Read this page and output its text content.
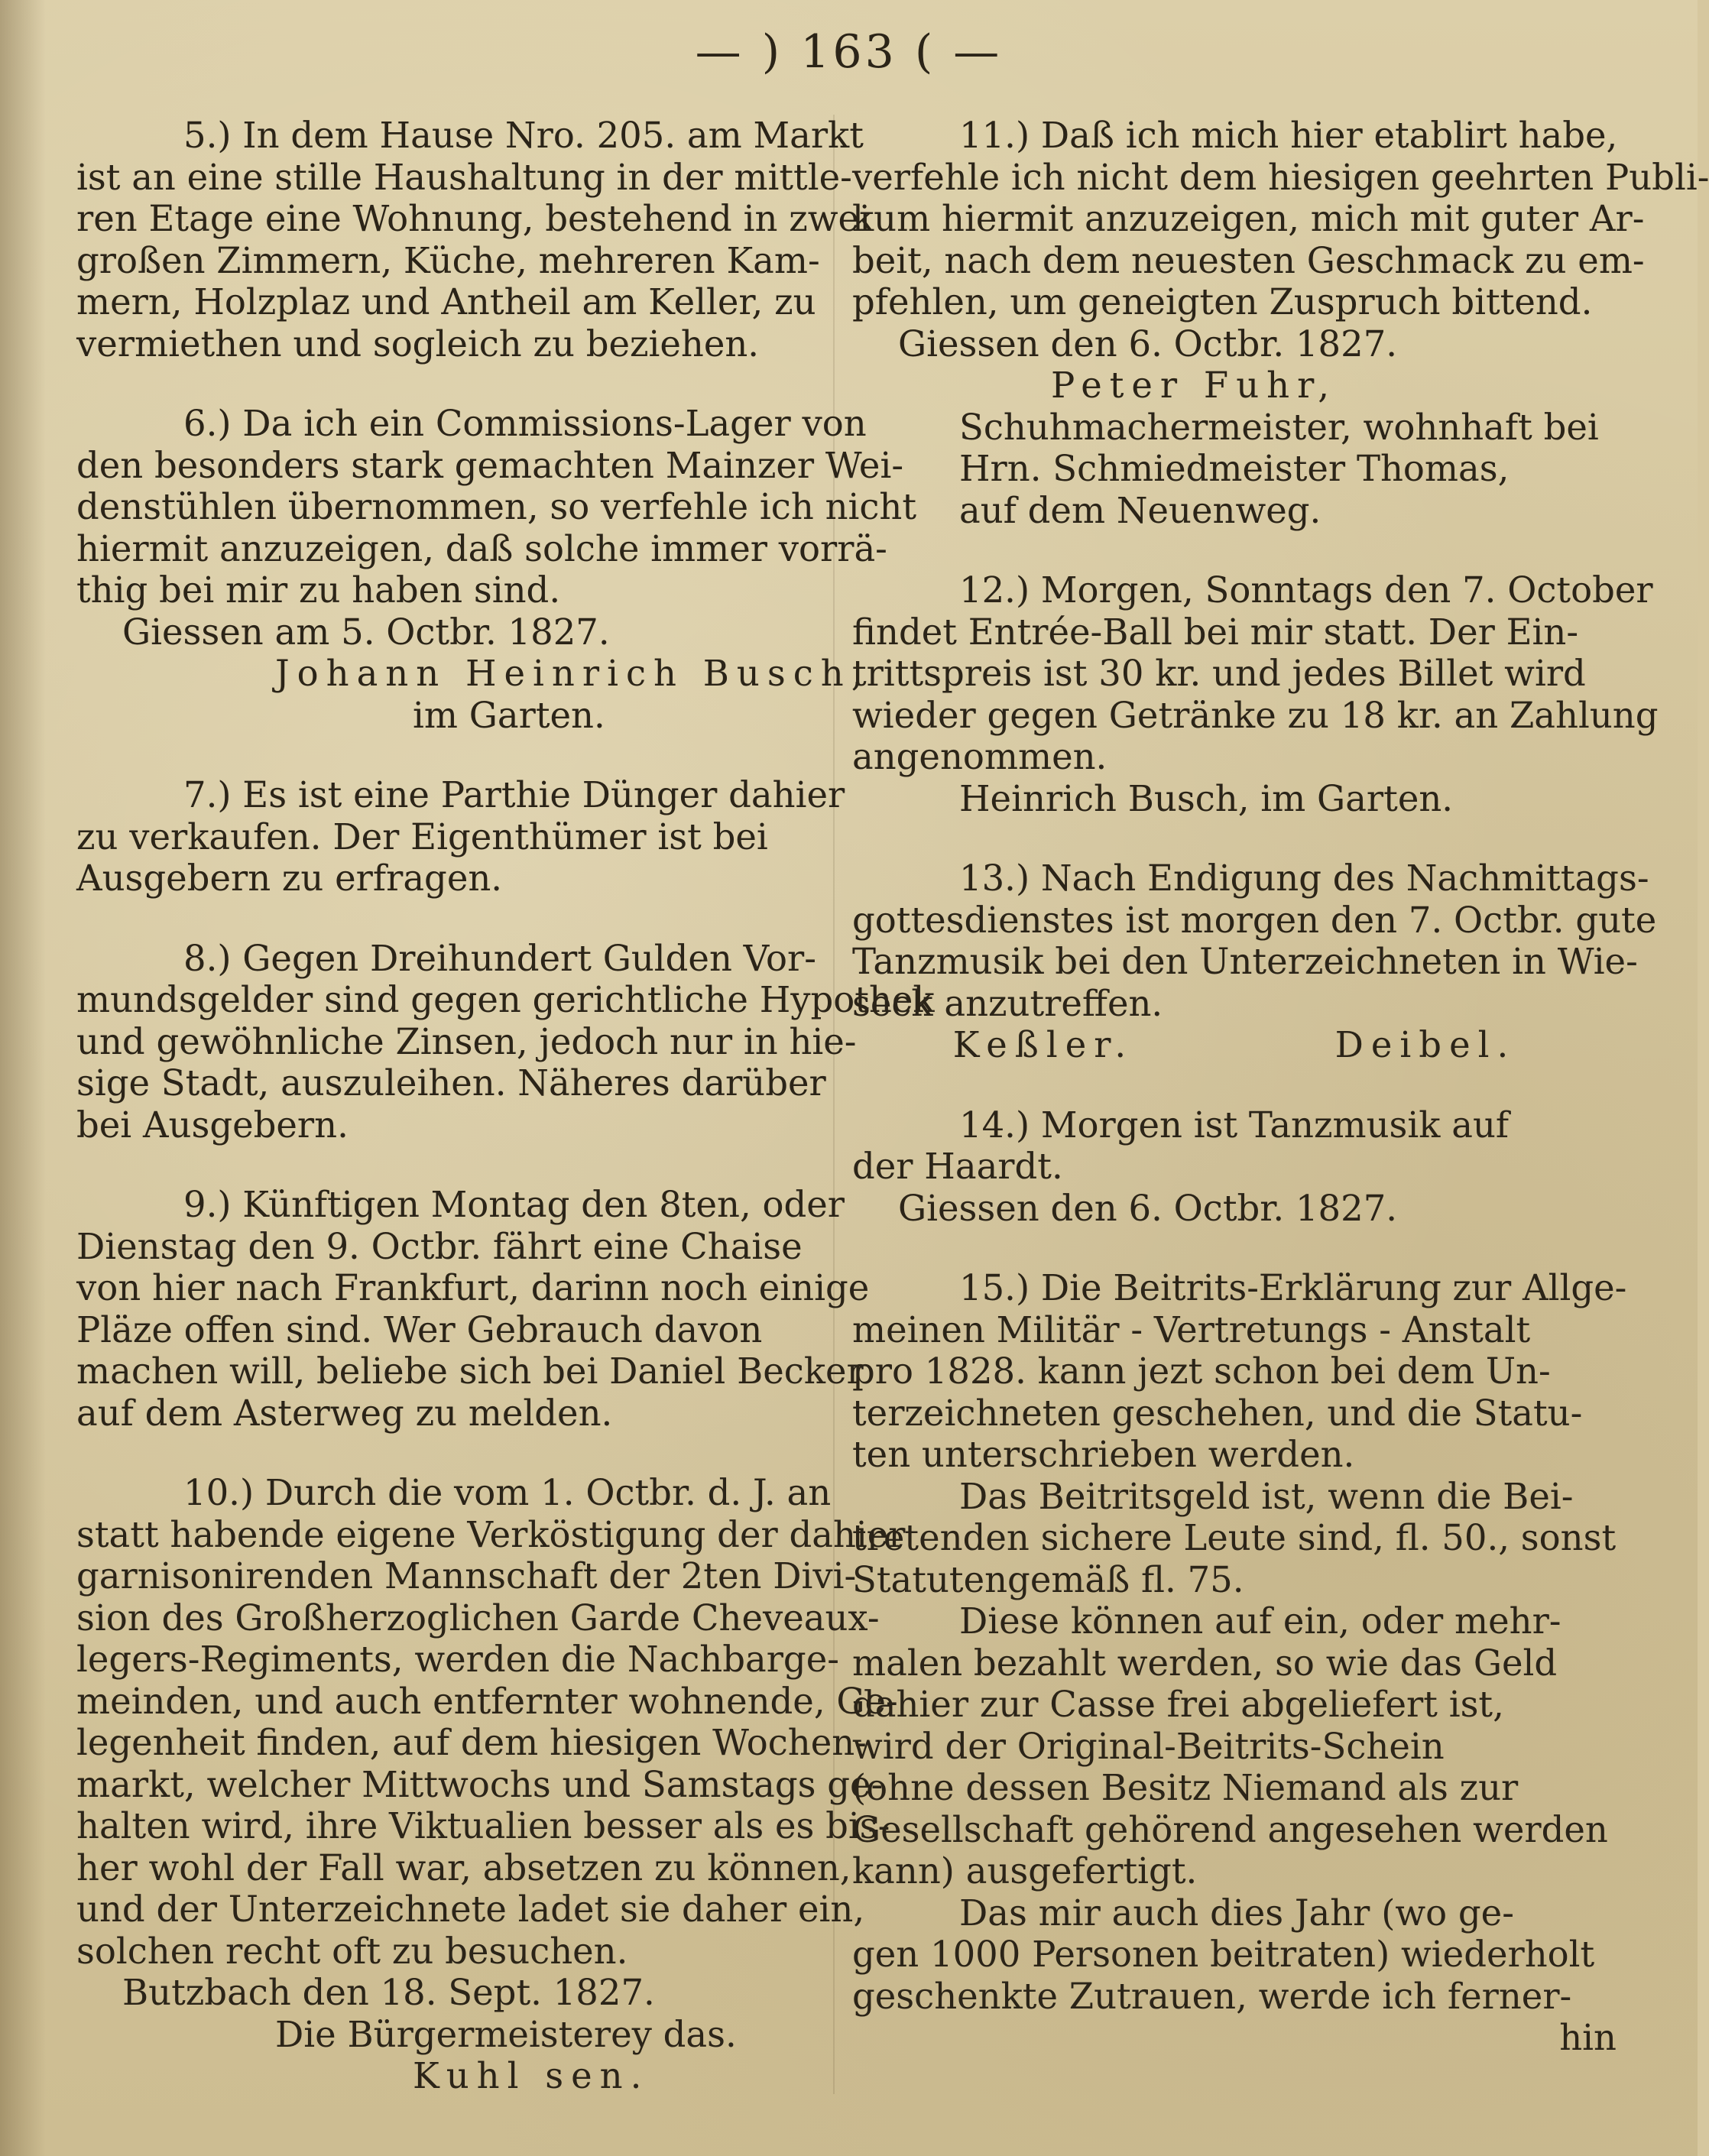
— ) 163 ( —
5.) In dem Hause Nro. 205. am Markt
ist an eine stille Haushaltung in der mittle-
ren Etage eine Wohnung, bestehend in zwei
großen Zimmern, Küche, mehreren Kam-
mern, Holzplaz und Antheil am Keller, zu
vermiethen und sogleich zu beziehen.
6.) Da ich ein Commissions-Lager von
den besonders stark gemachten Mainzer Wei-
denstühlen übernommen, so verfehle ich nicht
hiermit anzuzeigen, daß solche immer vorrä-
thig bei mir zu haben sind.
Giessen am 5. Octbr. 1827.
Johann Heinrich Busch,
im Garten.
7.) Es ist eine Parthie Dünger dahier
zu verkaufen. Der Eigenthümer ist bei
Ausgebern zu erfragen.
8.) Gegen Dreihundert Gulden Vor-
mundsgelder sind gegen gerichtliche Hypothek
und gewöhnliche Zinsen, jedoch nur in hie-
sige Stadt, auszuleihen. Näheres darüber
bei Ausgebern.
9.) Künftigen Montag den 8ten, oder
Dienstag den 9. Octbr. fährt eine Chaise
von hier nach Frankfurt, darinn noch einige
Pläze offen sind. Wer Gebrauch davon
machen will, beliebe sich bei Daniel Becker
auf dem Asterweg zu melden.
10.) Durch die vom 1. Octbr. d. J. an
statt habende eigene Verköstigung der dahier
garnisonirenden Mannschaft der 2ten Divi-
sion des Großherzoglichen Garde Cheveaux-
legers-Regiments, werden die Nachbarge-
meinden, und auch entfernter wohnende, Ge-
legenheit finden, auf dem hiesigen Wochen-
markt, welcher Mittwochs und Samstags ge-
halten wird, ihre Viktualien besser als es bis-
her wohl der Fall war, absetzen zu können,
und der Unterzeichnete ladet sie daher ein,
solchen recht oft zu besuchen.
Butzbach den 18. Sept. 1827.
Die Bürgermeisterey das.
Kuhl sen.
11.) Daß ich mich hier etablirt habe,
verfehle ich nicht dem hiesigen geehrten Publi-
kum hiermit anzuzeigen, mich mit guter Ar-
beit, nach dem neuesten Geschmack zu em-
pfehlen, um geneigten Zuspruch bittend.
Giessen den 6. Octbr. 1827.
Peter Fuhr,
Schuhmachermeister, wohnhaft bei
Hrn. Schmiedmeister Thomas,
auf dem Neuenweg.
12.) Morgen, Sonntags den 7. October
findet Entrée-Ball bei mir statt. Der Ein-
trittspreis ist 30 kr. und jedes Billet wird
wieder gegen Getränke zu 18 kr. an Zahlung
angenommen.
Heinrich Busch, im Garten.
13.) Nach Endigung des Nachmittags-
gottesdienstes ist morgen den 7. Octbr. gute
Tanzmusik bei den Unterzeichneten in Wie-
seck anzutreffen.
Keßler.	Deibel.
14.) Morgen ist Tanzmusik auf
der Haardt.
Giessen den 6. Octbr. 1827.
15.) Die Beitrits-Erklärung zur Allge-
meinen Militär - Vertretungs - Anstalt
pro 1828. kann jezt schon bei dem Un-
terzeichneten geschehen, und die Statu-
ten unterschrieben werden.
Das Beitritsgeld ist, wenn die Bei-
tretenden sichere Leute sind, fl. 50., sonst
Statutengemäß fl. 75.
Diese können auf ein, oder mehr-
malen bezahlt werden, so wie das Geld
dahier zur Casse frei abgeliefert ist,
wird der Original-Beitrits-Schein
(ohne dessen Besitz Niemand als zur
Gesellschaft gehörend angesehen werden
kann) ausgefertigt.
Das mir auch dies Jahr (wo ge-
gen 1000 Personen beitraten) wiederholt
geschenkte Zutrauen, werde ich ferner-
hin
